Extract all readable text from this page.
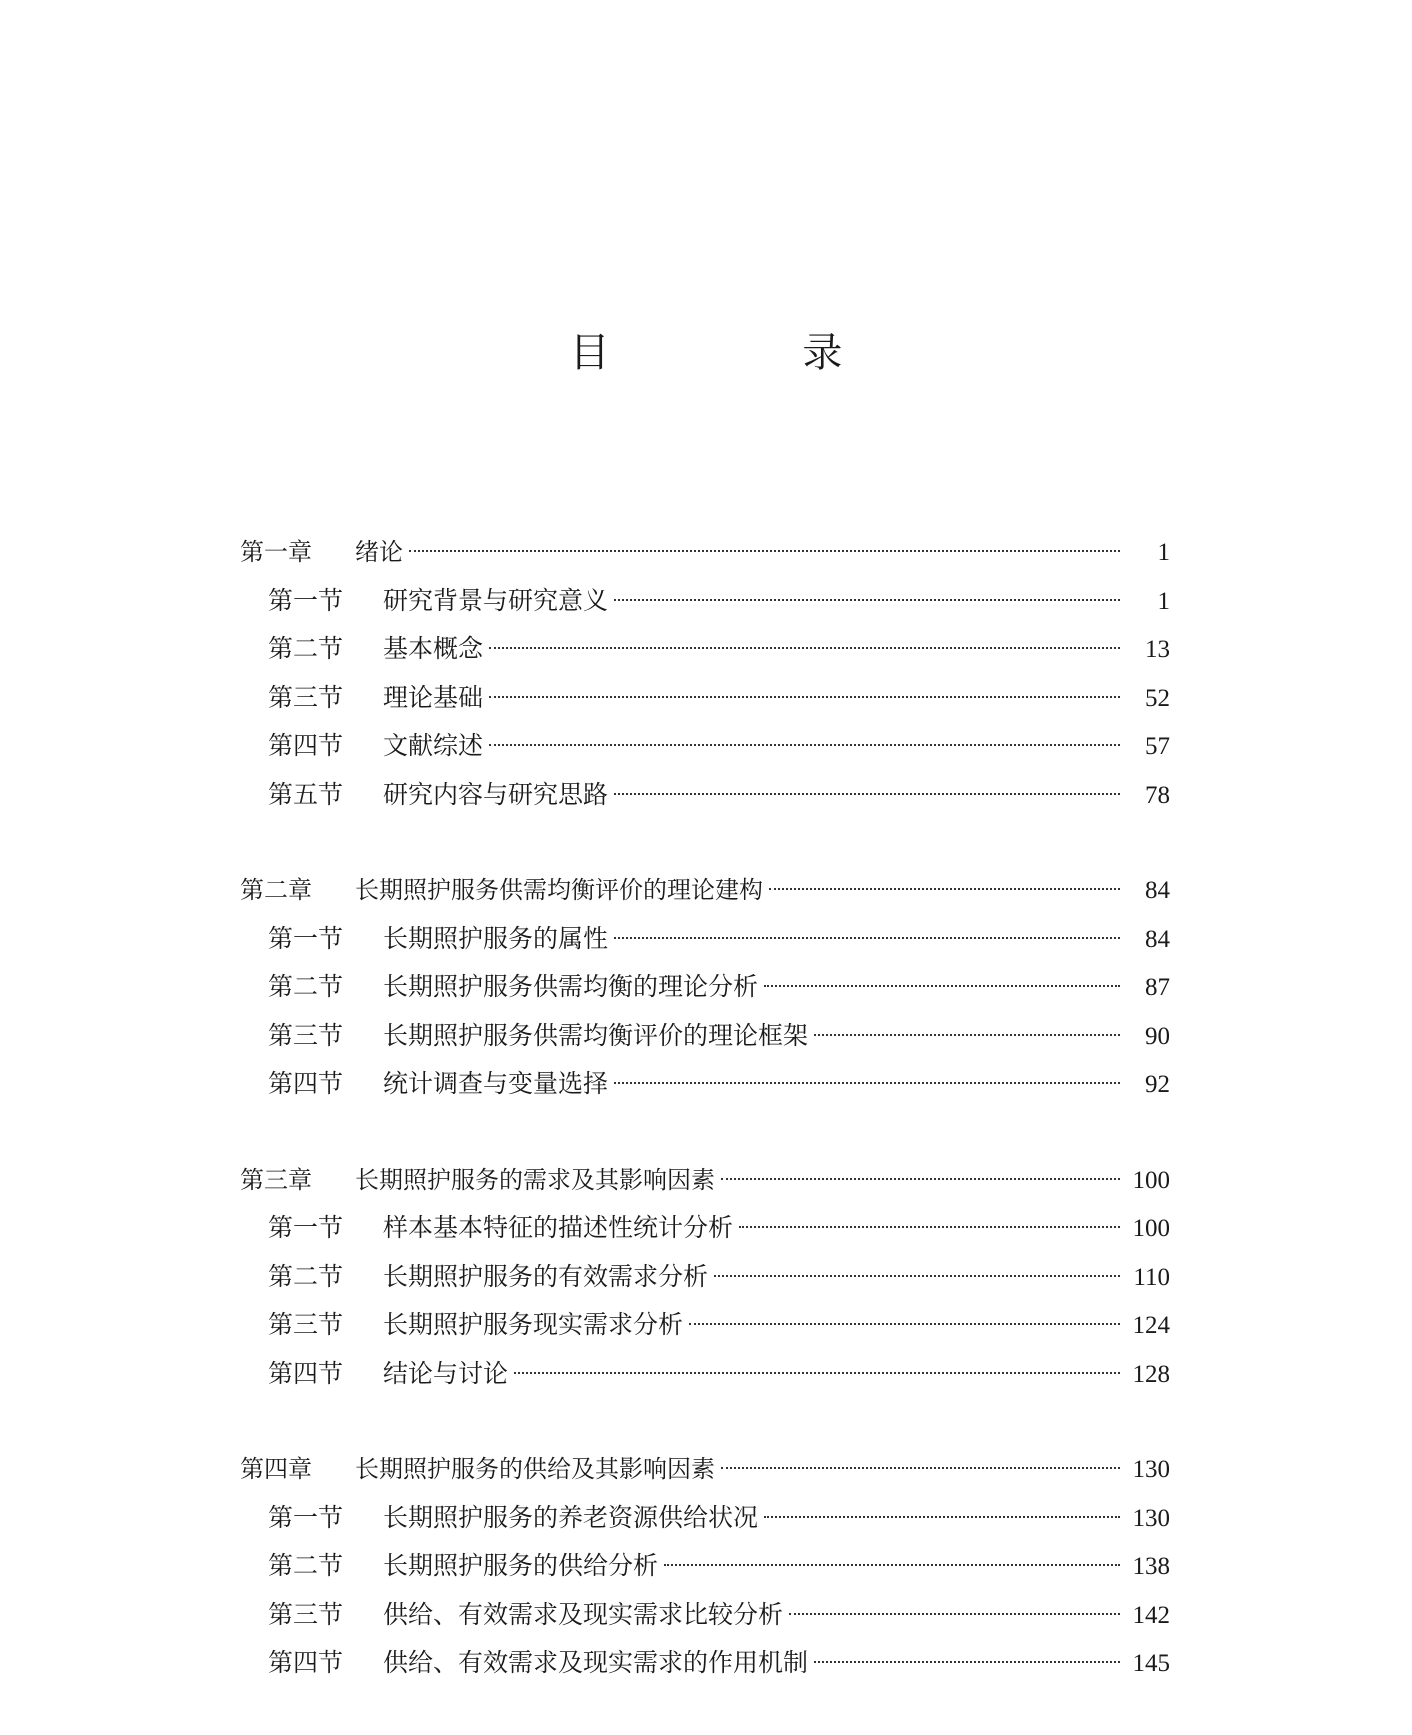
目 录
第一章	绪论	1
第一节	研究背景与研究意义	1
第二节	基本概念	13
第三节	理论基础	52
第四节	文献综述	57
第五节	研究内容与研究思路	78
第二章	长期照护服务供需均衡评价的理论建构	84
第一节	长期照护服务的属性	84
第二节	长期照护服务供需均衡的理论分析	87
第三节	长期照护服务供需均衡评价的理论框架	90
第四节	统计调查与变量选择	92
第三章	长期照护服务的需求及其影响因素	100
第一节	样本基本特征的描述性统计分析	100
第二节	长期照护服务的有效需求分析	110
第三节	长期照护服务现实需求分析	124
第四节	结论与讨论	128
第四章	长期照护服务的供给及其影响因素	130
第一节	长期照护服务的养老资源供给状况	130
第二节	长期照护服务的供给分析	138
第三节	供给、有效需求及现实需求比较分析	142
第四节	供给、有效需求及现实需求的作用机制	145
